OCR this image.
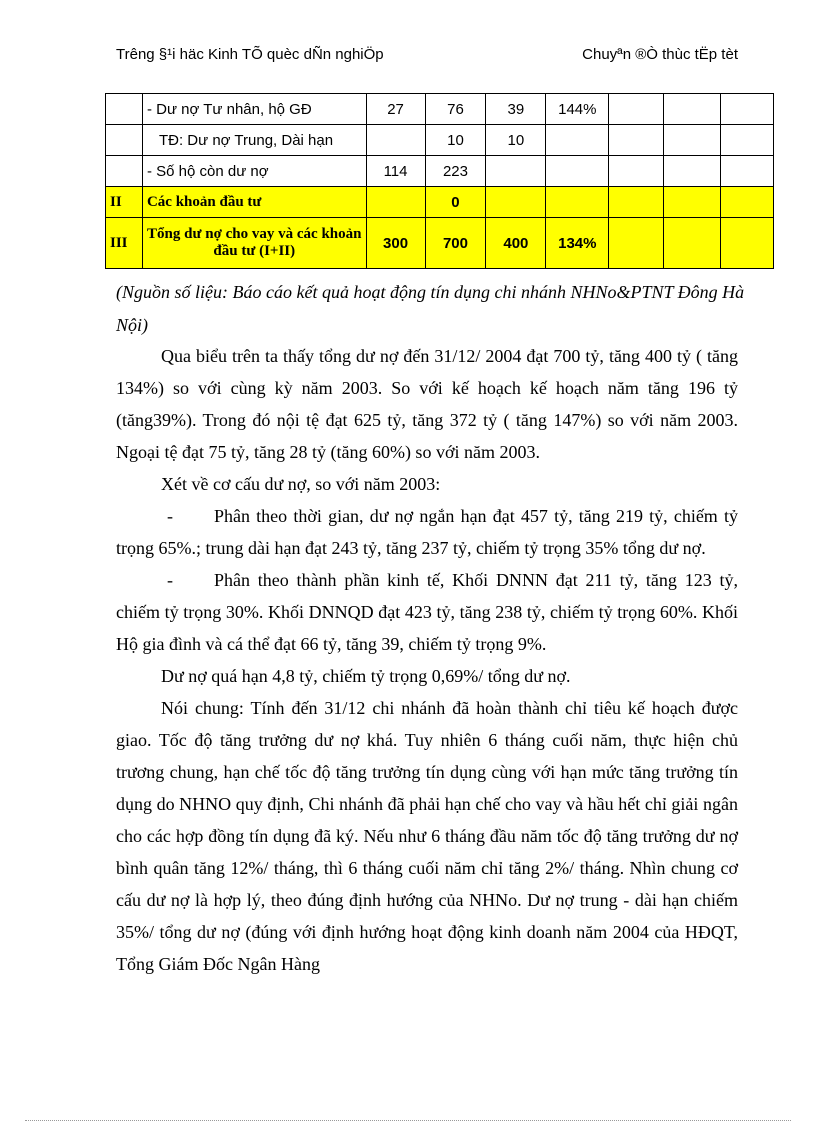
Trêng §¹i häc Kinh TÕ quèc dÑn nghiÖp	Chuyªn ®Ò thùc tËp tèt
	- Dư nợ Tư nhân, hộ GĐ	27	76	39	144%			
	TĐ: Dư nợ Trung, Dài hạn		10	10				
	- Số hộ còn dư nợ	114	223					
II	Các khoản đầu tư		0					
III	Tổng dư nợ cho vay và các khoản đầu tư (I+II)	300	700	400	134%			
(Nguồn số liệu: Báo cáo kết quả hoạt động tín dụng chi nhánh NHNo&PTNT Đông Hà Nội)

Qua biểu trên ta thấy tổng dư nợ đến 31/12/ 2004 đạt 700 tỷ, tăng 400 tỷ ( tăng 134%) so với cùng kỳ năm 2003. So với kế hoạch kế hoạch năm tăng 196 tỷ (tăng39%). Trong đó nội tệ đạt 625 tỷ, tăng 372 tỷ ( tăng 147%) so với năm 2003. Ngoại tệ đạt 75 tỷ, tăng 28 tỷ (tăng 60%) so với năm 2003.

Xét về cơ cấu dư nợ, so với năm 2003:

- Phân theo thời gian, dư nợ ngắn hạn đạt 457 tỷ, tăng 219 tỷ, chiếm tỷ trọng 65%.; trung dài hạn đạt 243 tỷ, tăng 237 tỷ, chiếm tỷ trọng 35% tổng dư nợ.

- Phân theo thành phần kinh tế, Khối DNNN đạt 211 tỷ, tăng 123 tỷ, chiếm tỷ trọng 30%. Khối DNNQD đạt 423 tỷ, tăng 238 tỷ, chiếm tỷ trọng 60%. Khối Hộ gia đình và cá thể đạt 66 tỷ, tăng 39, chiếm tỷ trọng 9%.

Dư nợ quá hạn 4,8 tỷ, chiếm tỷ trọng 0,69%/ tổng dư nợ.

Nói chung: Tính đến 31/12 chi nhánh đã hoàn thành chỉ tiêu kế hoạch được giao. Tốc độ tăng trưởng dư nợ khá. Tuy nhiên 6 tháng cuối năm, thực hiện chủ trương chung, hạn chế tốc độ tăng trưởng tín dụng cùng với hạn mức tăng trưởng tín dụng do NHNO quy định, Chi nhánh đã phải hạn chế cho vay và hầu hết chỉ giải ngân cho các hợp đồng tín dụng đã ký. Nếu như 6 tháng đầu năm tốc độ tăng trưởng dư nợ bình quân tăng 12%/ tháng, thì 6 tháng cuối năm chỉ tăng 2%/ tháng. Nhìn chung cơ cấu dư nợ là hợp lý, theo đúng định hướng của NHNo. Dư nợ trung - dài hạn chiếm 35%/ tổng dư nợ (đúng với định hướng hoạt động kinh doanh năm 2004 của HĐQT, Tổng Giám Đốc Ngân Hàng
